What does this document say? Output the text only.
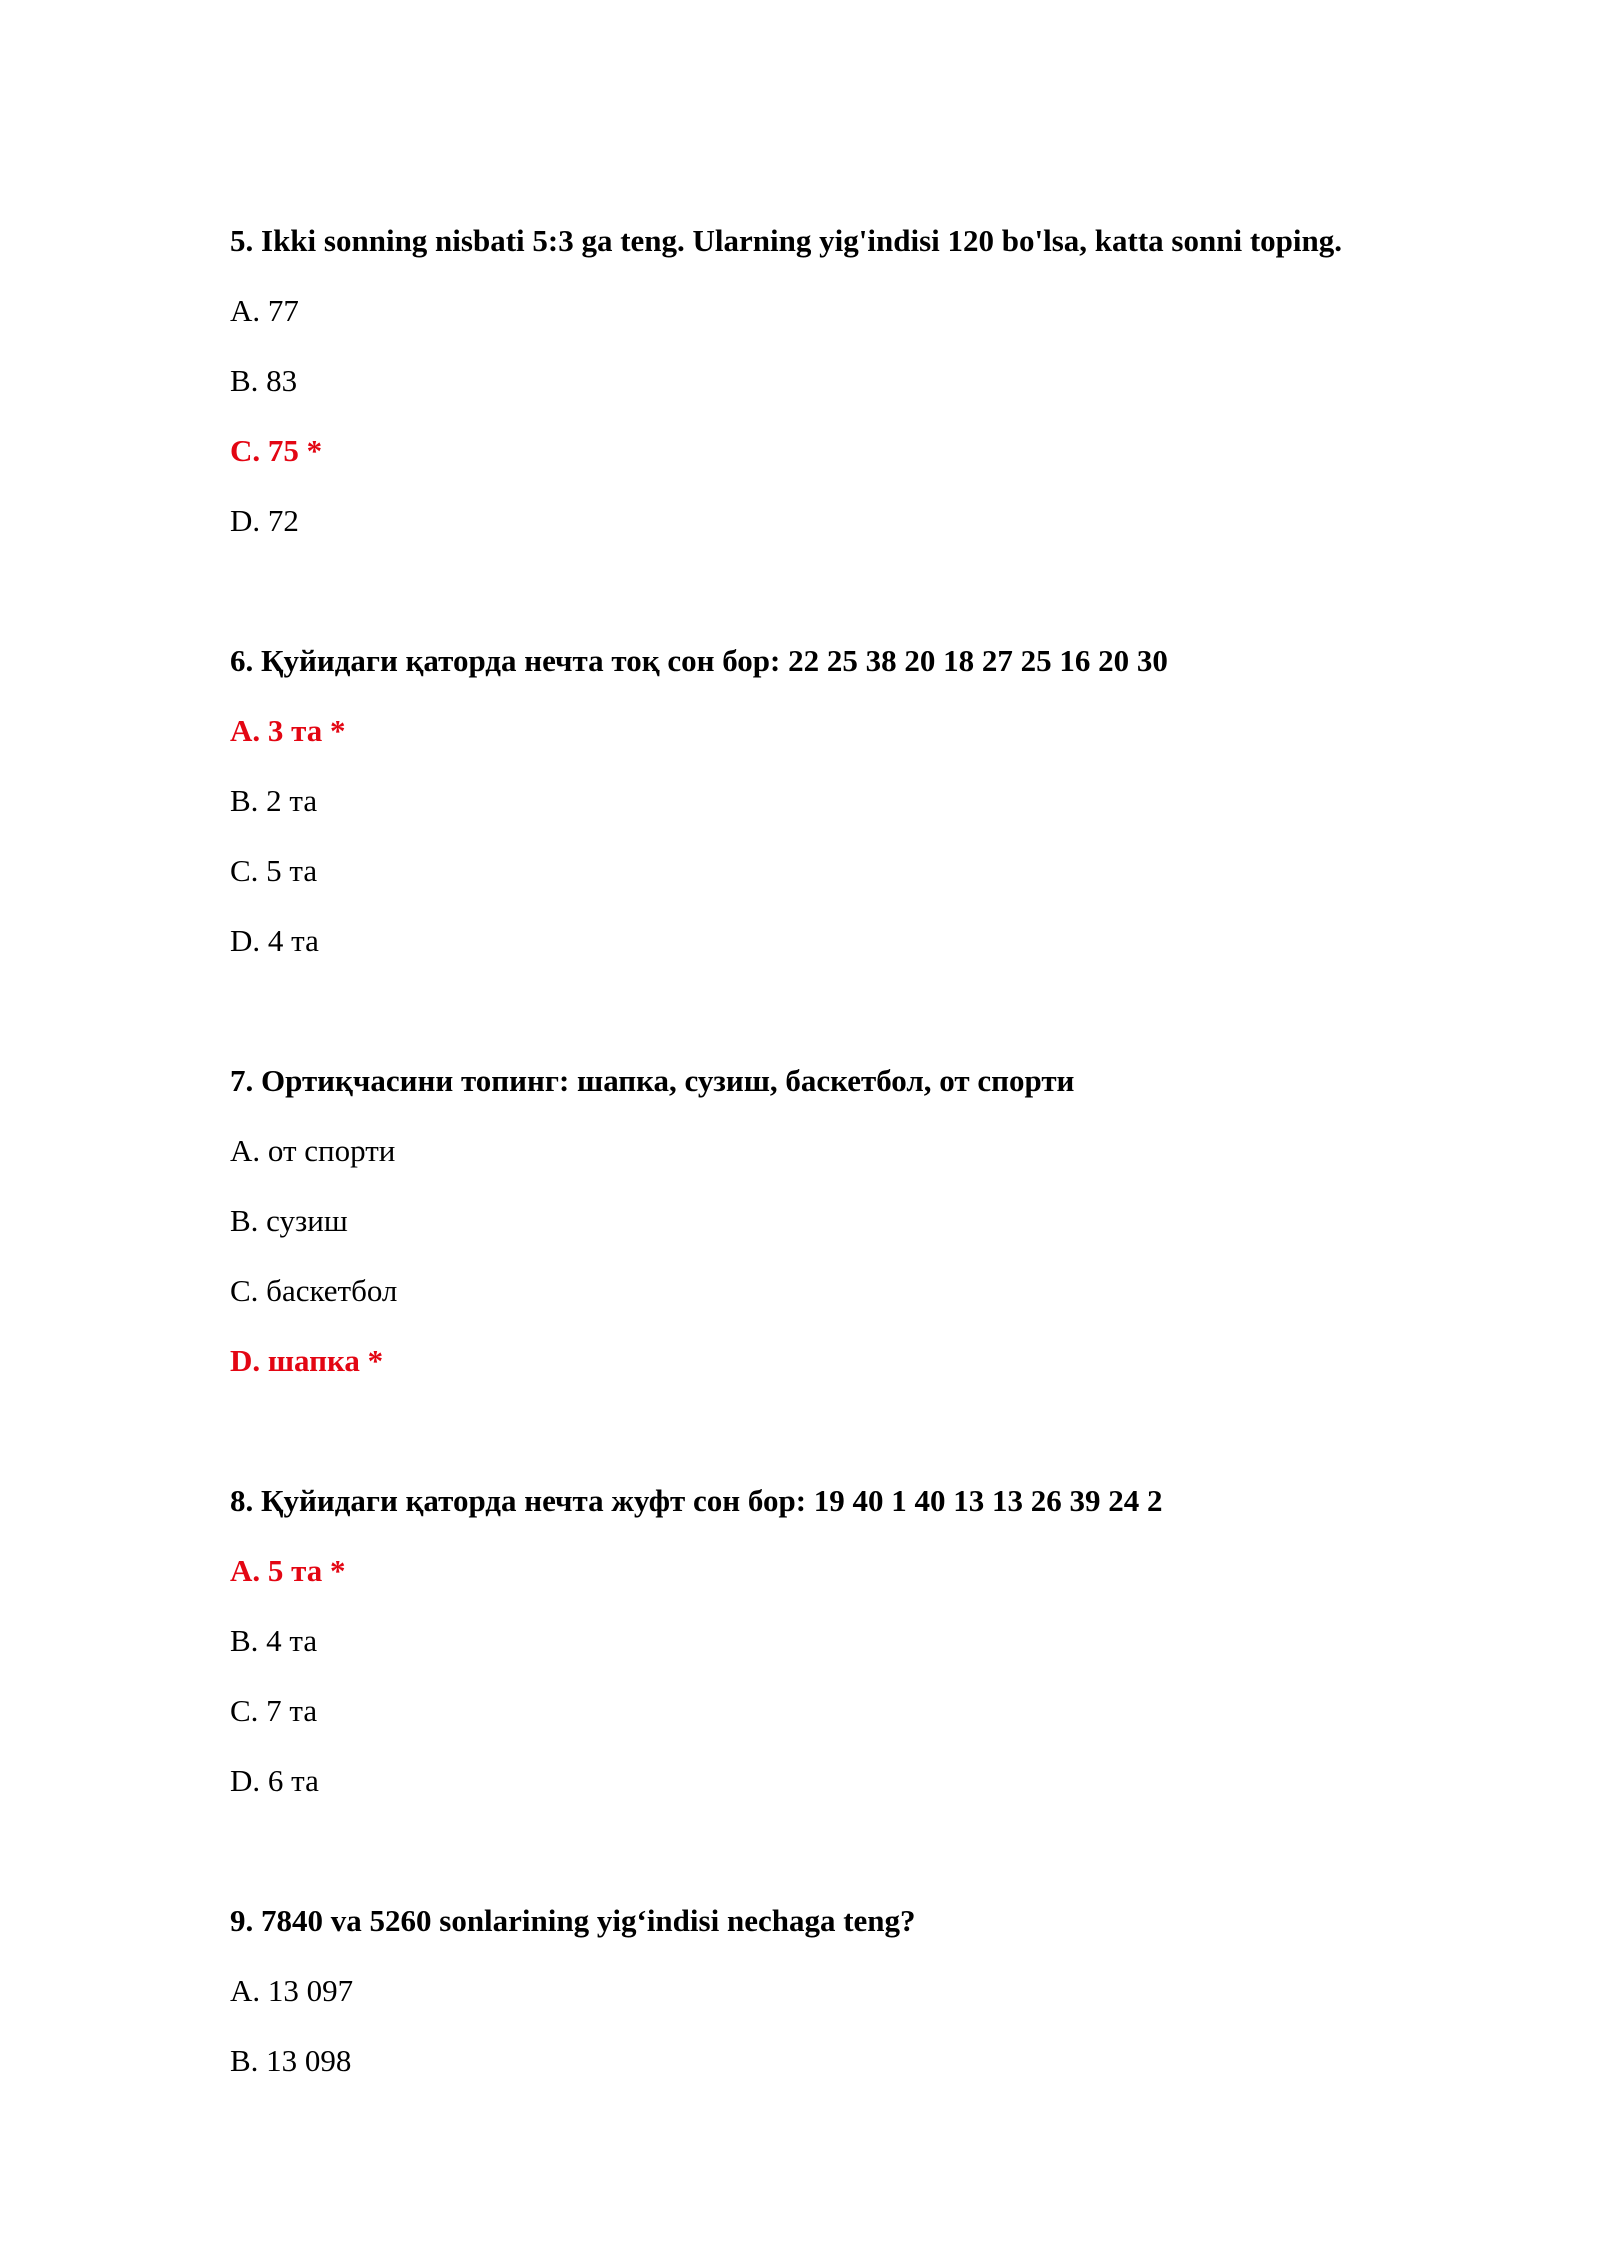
5. Ikki sonning nisbati 5:3 ga teng. Ularning yig'indisi 120 bo'lsa, katta sonni toping.

A. 77

B. 83

C. 75 *

D. 72

6. Қуйидаги қаторда нечта тоқ сон бор: 22 25 38 20 18 27 25 16 20 30

A. 3 та *

B. 2 та

C. 5 та

D. 4 та

7. Ортиқчасини топинг: шапка, сузиш, баскетбол, от спорти

A. от спорти

B. сузиш

C. баскетбол

D. шапка *

8. Қуйидаги қаторда нечта жуфт сон бор: 19 40 1 40 13 13 26 39 24 2

A. 5 та *

B. 4 та

C. 7 та

D. 6 та

9. 7840 va 5260 sonlarining yig‘indisi nechaga teng?

A. 13 097

B. 13 098
